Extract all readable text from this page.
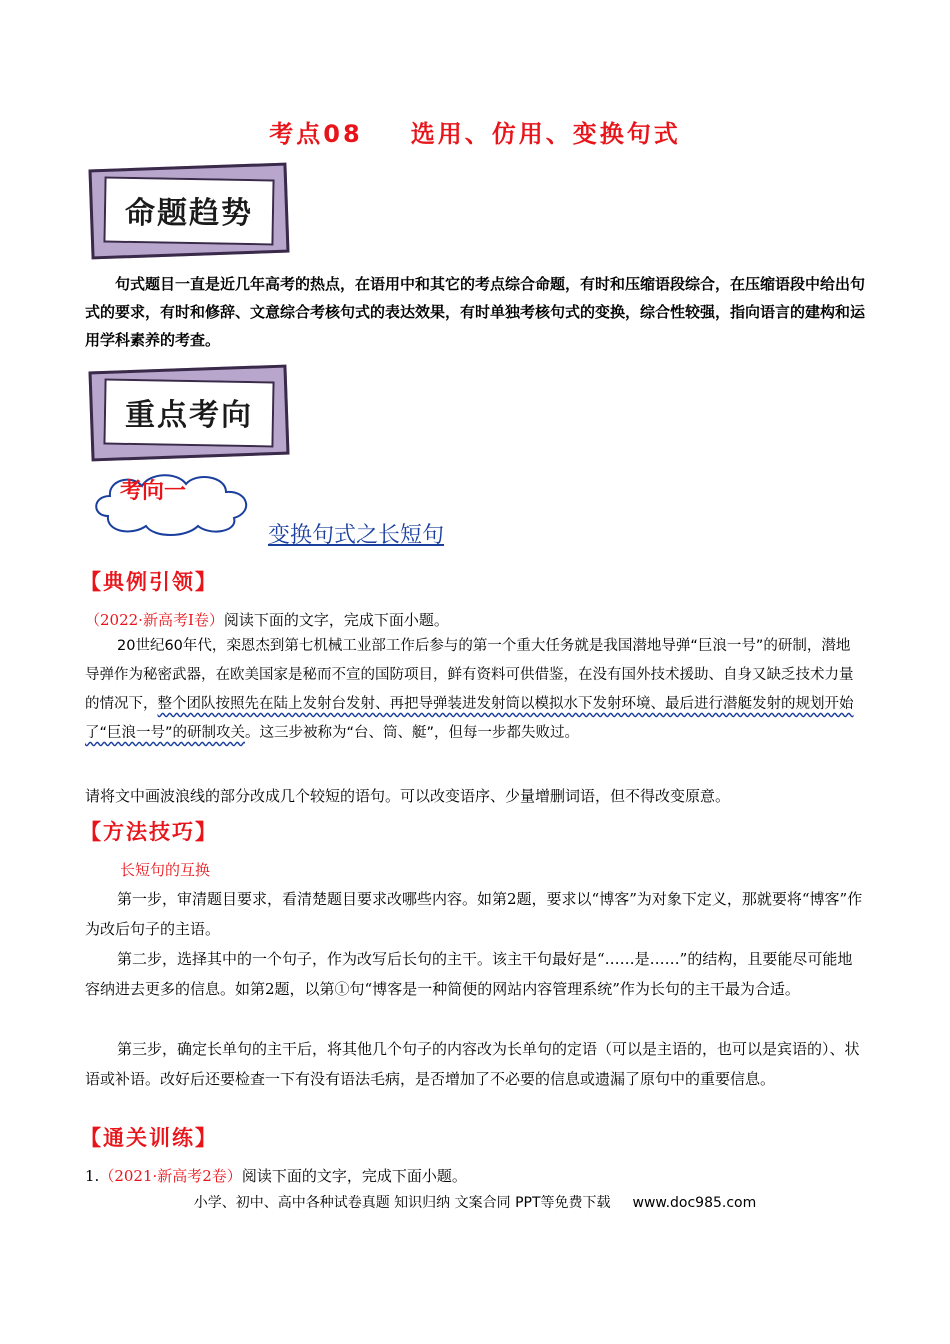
考点08 选用、仿用、变换句式
命题趋势
句式题目一直是近几年高考的热点，在语用中和其它的考点综合命题，有时和压缩语段综合，在压缩语段中给出句式的要求，有时和修辞、文意综合考核句式的表达效果，有时单独考核句式的变换，综合性较强，指向语言的建构和运用学科素养的考查。
重点考向
考向一
变换句式之长短句
【典例引领】
（2022·新高考I卷）阅读下面的文字，完成下面小题。
20世纪60年代，栾恩杰到第七机械工业部工作后参与的第一个重大任务就是我国潜地导弹“巨浪一号”的研制，潜地导弹作为秘密武器，在欧美国家是秘而不宣的国防项目，鲜有资料可供借鉴，在没有国外技术援助、自身又缺乏技术力量的情况下，整个团队按照先在陆上发射台发射、再把导弹装进发射筒以模拟水下发射环境、最后进行潜艇发射的规划开始了“巨浪一号”的研制攻关。这三步被称为“台、筒、艇”，但每一步都失败过。
请将文中画波浪线的部分改成几个较短的语句。可以改变语序、少量增删词语，但不得改变原意。
【方法技巧】
长短句的互换
第一步，审清题目要求，看清楚题目要求改哪些内容。如第2题，要求以“博客”为对象下定义，那就要将“博客”作为改后句子的主语。
第二步，选择其中的一个句子，作为改写后长句的主干。该主干句最好是“……是……”的结构，且要能尽可能地容纳进去更多的信息。如第2题，以第①句“博客是一种简便的网站内容管理系统”作为长句的主干最为合适。
第三步，确定长单句的主干后，将其他几个句子的内容改为长单句的定语（可以是主语的，也可以是宾语的）、状语或补语。改好后还要检查一下有没有语法毛病，是否增加了不必要的信息或遗漏了原句中的重要信息。
【通关训练】
1.（2021·新高考2卷）阅读下面的文字，完成下面小题。
小学、初中、高中各种试卷真题 知识归纳 文案合同 PPT等免费下载 www.doc985.com
